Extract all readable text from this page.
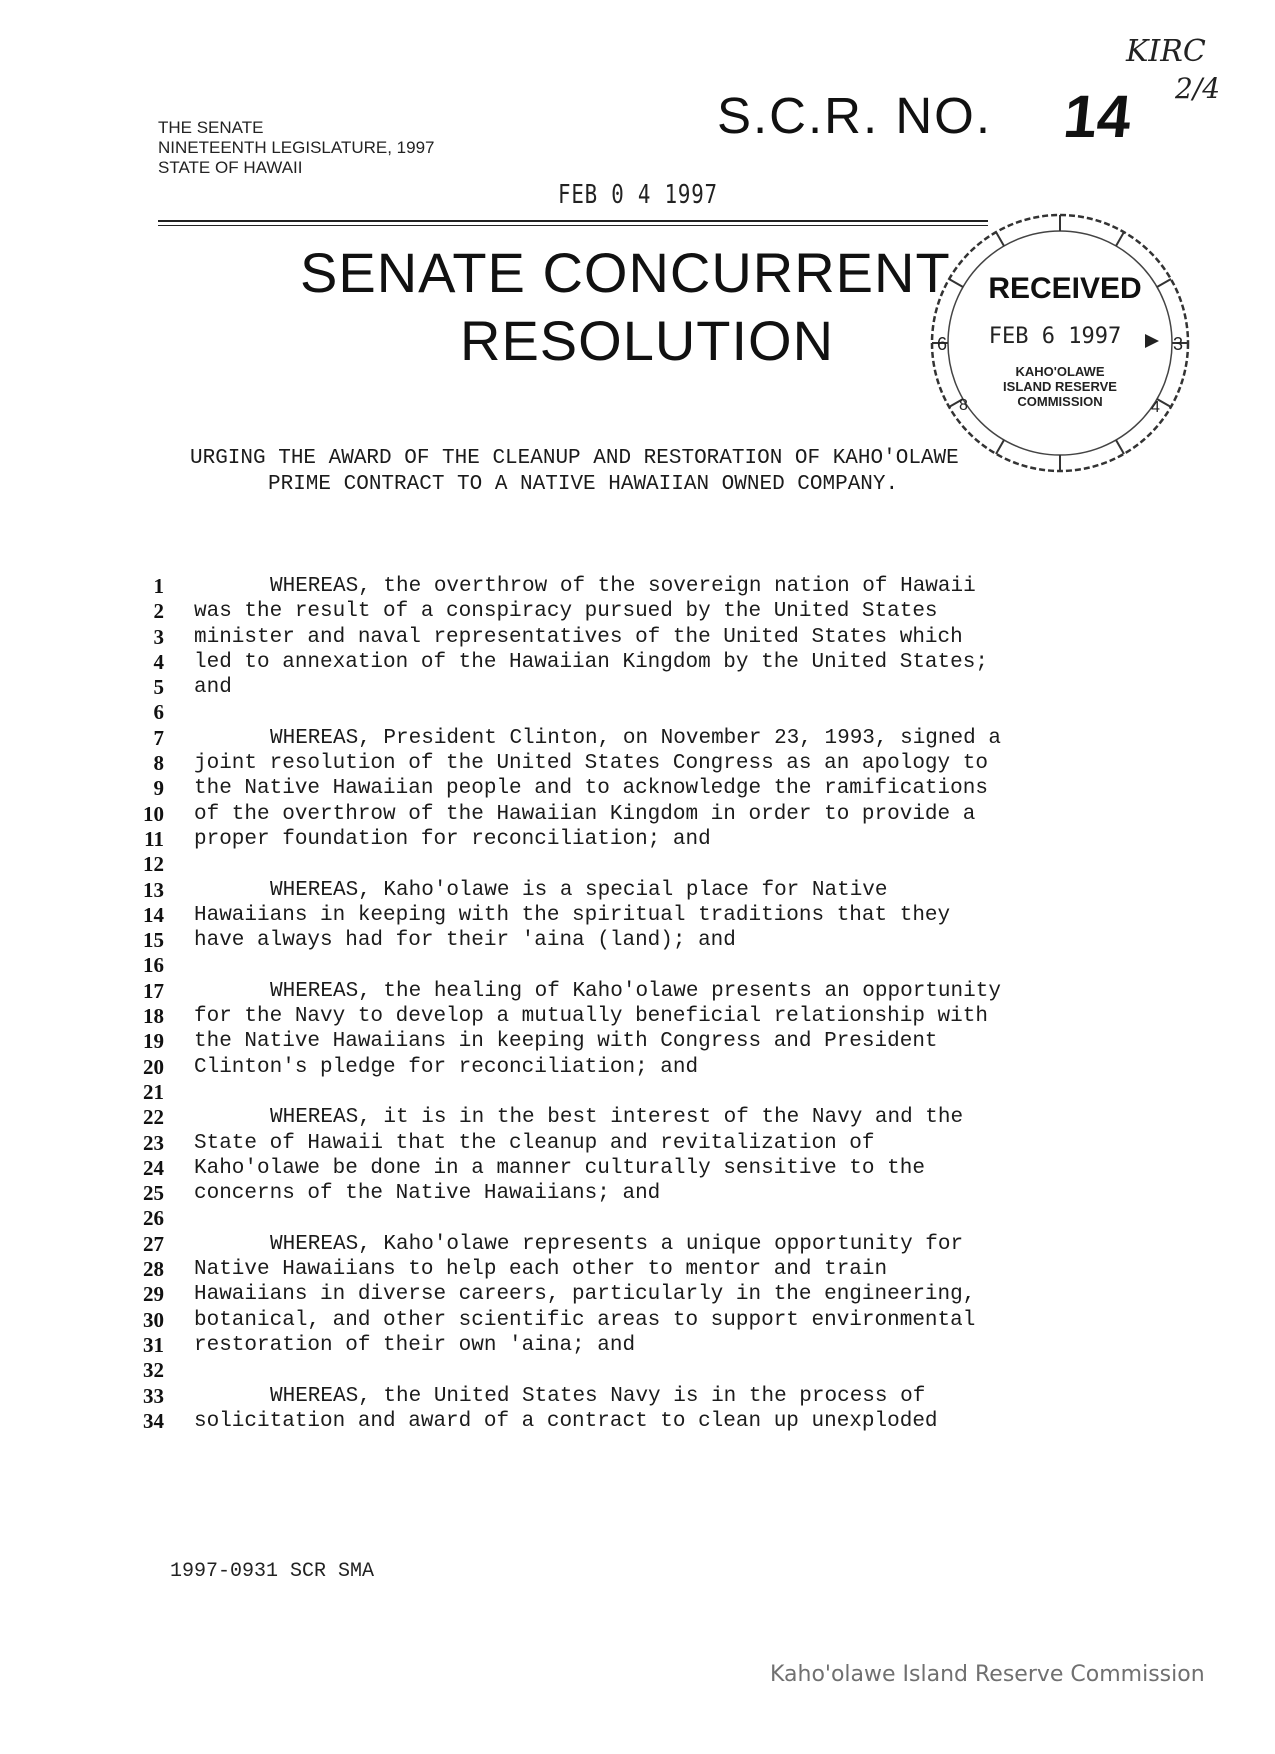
THE SENATE
NINETEENTH LEGISLATURE, 1997
STATE OF HAWAII
S.C.R. NO. 14
KIRC
2/4
FEB 0 4 1997
SENATE CONCURRENT
RESOLUTION
RECEIVED
FEB 6 1997
KAHO'OLAWE
ISLAND RESERVE
COMMISSION
6	3
8	4
URGING THE AWARD OF THE CLEANUP AND RESTORATION OF KAHO'OLAWE
PRIME CONTRACT TO A NATIVE HAWAIIAN OWNED COMPANY.
1	WHEREAS, the overthrow of the sovereign nation of Hawaii
2 was the result of a conspiracy pursued by the United States
3 minister and naval representatives of the United States which
4 led to annexation of the Hawaiian Kingdom by the United States;
5 and
6
7	WHEREAS, President Clinton, on November 23, 1993, signed a
8 joint resolution of the United States Congress as an apology to
9 the Native Hawaiian people and to acknowledge the ramifications
10 of the overthrow of the Hawaiian Kingdom in order to provide a
11 proper foundation for reconciliation; and
12
13	WHEREAS, Kaho'olawe is a special place for Native
14 Hawaiians in keeping with the spiritual traditions that they
15 have always had for their 'aina (land); and
16
17	WHEREAS, the healing of Kaho'olawe presents an opportunity
18 for the Navy to develop a mutually beneficial relationship with
19 the Native Hawaiians in keeping with Congress and President
20 Clinton's pledge for reconciliation; and
21
22	WHEREAS, it is in the best interest of the Navy and the
23 State of Hawaii that the cleanup and revitalization of
24 Kaho'olawe be done in a manner culturally sensitive to the
25 concerns of the Native Hawaiians; and
26
27	WHEREAS, Kaho'olawe represents a unique opportunity for
28 Native Hawaiians to help each other to mentor and train
29 Hawaiians in diverse careers, particularly in the engineering,
30 botanical, and other scientific areas to support environmental
31 restoration of their own 'aina; and
32
33	WHEREAS, the United States Navy is in the process of
34 solicitation and award of a contract to clean up unexploded
1997-0931 SCR SMA
Kaho'olawe Island Reserve Commission
